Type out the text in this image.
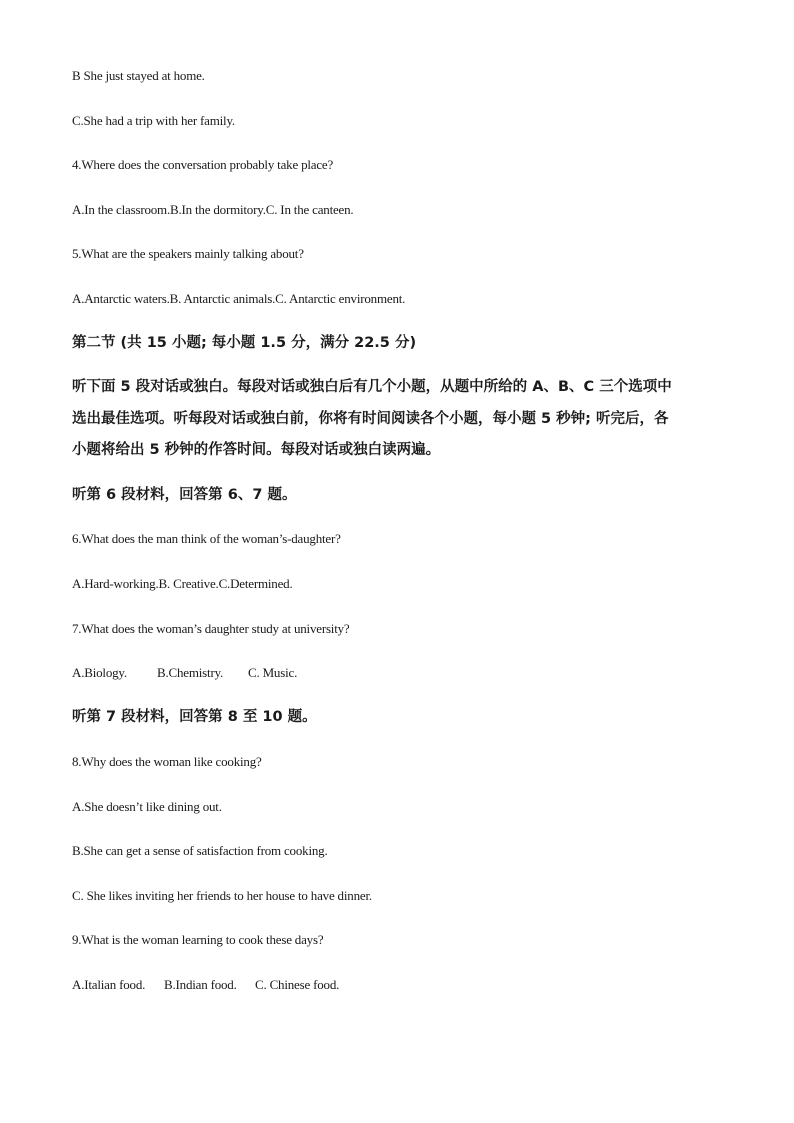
B She just stayed at home.
C.She had a trip with her family.
4.Where does the conversation probably take place?
A.In the classroom.B.In the dormitory.C. In the canteen.
5.What are the speakers mainly talking about?
A.Antarctic waters.B. Antarctic animals.C. Antarctic environment.
第二节 (共 15 小题; 每小题 1.5 分，满分 22.5 分)
听下面 5 段对话或独白。每段对话或独白后有几个小题，从题中所给的 A、B、C 三个选项中
选出最佳选项。听每段对话或独白前，你将有时间阅读各个小题，每小题 5 秒钟; 听完后，各
小题将给出 5 秒钟的作答时间。每段对话或独白读两遍。
听第 6 段材料，回答第 6、7 题。
6.What does the man think of the woman’s-daughter?
A.Hard-working.B. Creative.C.Determined.
7.What does the woman’s daughter study at university?
A.Biology. B.Chemistry. C. Music.
听第 7 段材料，回答第 8 至 10 题。
8.Why does the woman like cooking?
A.She doesn’t like dining out.
B.She can get a sense of satisfaction from cooking.
C. She likes inviting her friends to her house to have dinner.
9.What is the woman learning to cook these days?
A.Italian food. B.Indian food. C. Chinese food.
